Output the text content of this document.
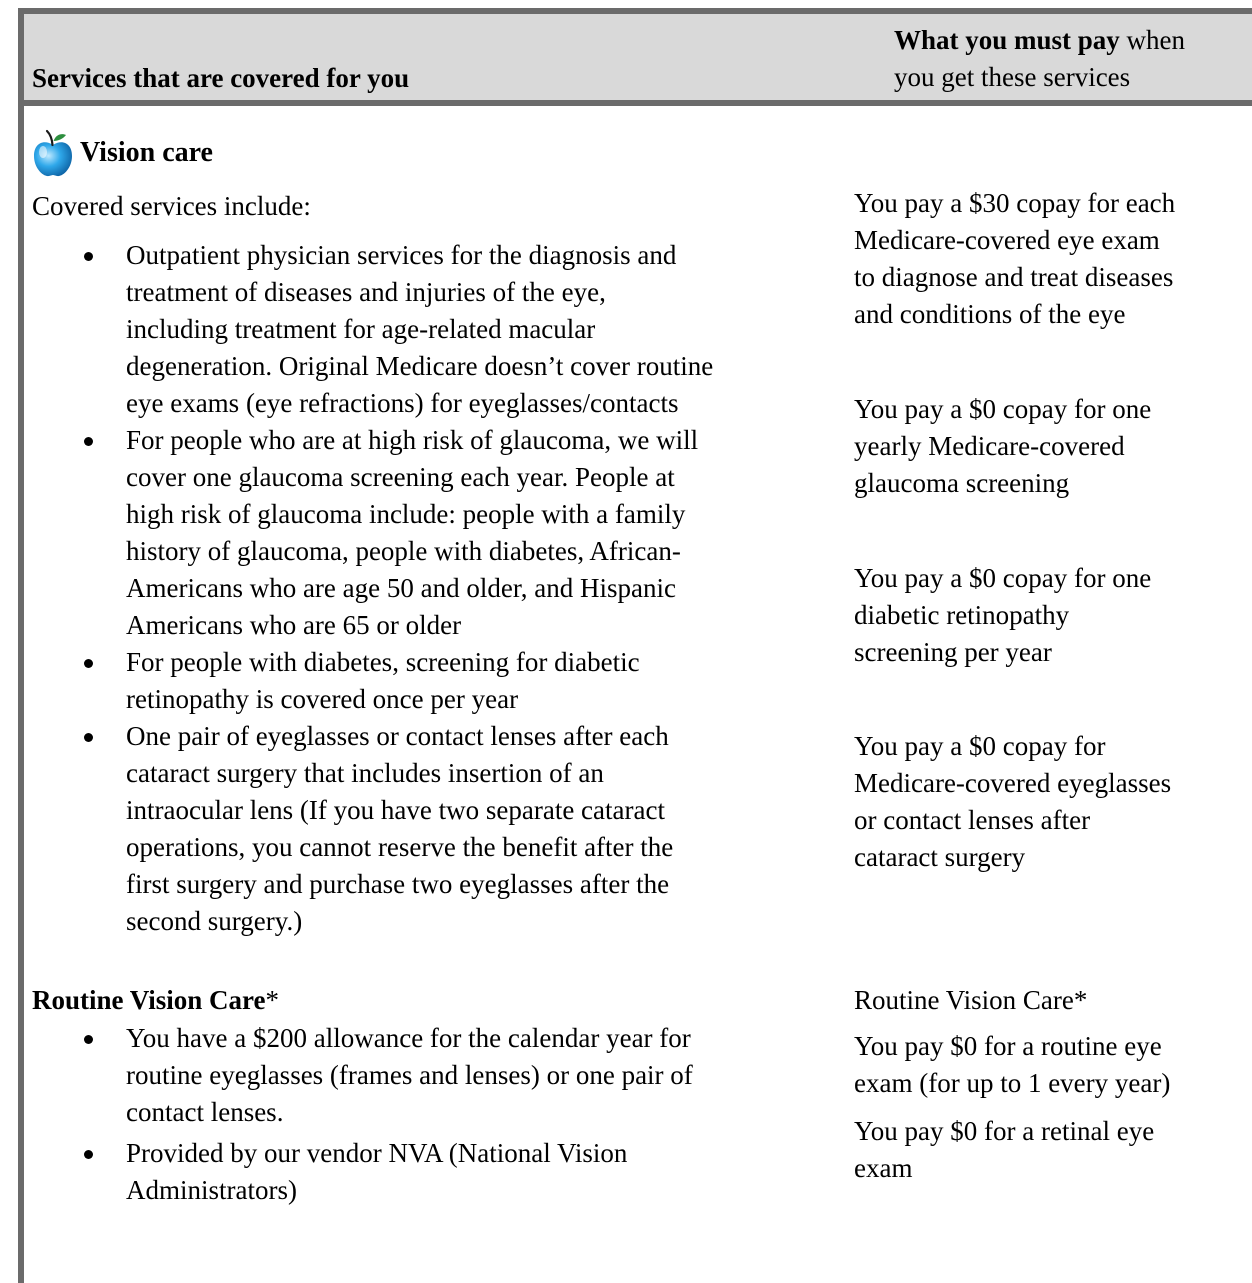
Services that are covered for you
What you must pay when
you get these services
Vision care

Covered services include:

Outpatient physician services for the diagnosis and
treatment of diseases and injuries of the eye,
including treatment for age-related macular
degeneration. Original Medicare doesn’t cover routine
eye exams (eye refractions) for eyeglasses/contacts
For people who are at high risk of glaucoma, we will
cover one glaucoma screening each year. People at
high risk of glaucoma include: people with a family
history of glaucoma, people with diabetes, African-
Americans who are age 50 and older, and Hispanic
Americans who are 65 or older
For people with diabetes, screening for diabetic
retinopathy is covered once per year
One pair of eyeglasses or contact lenses after each
cataract surgery that includes insertion of an
intraocular lens (If you have two separate cataract
operations, you cannot reserve the benefit after the
first surgery and purchase two eyeglasses after the
second surgery.)

You pay a $30 copay for each
Medicare-covered eye exam
to diagnose and treat diseases
and conditions of the eye

You pay a $0 copay for one
yearly Medicare-covered
glaucoma screening

You pay a $0 copay for one
diabetic retinopathy
screening per year

You pay a $0 copay for
Medicare-covered eyeglasses
or contact lenses after
cataract surgery

Routine Vision Care*

You have a $200 allowance for the calendar year for
routine eyeglasses (frames and lenses) or one pair of
contact lenses.
Provided by our vendor NVA (National Vision
Administrators)

Routine Vision Care*

You pay $0 for a routine eye
exam (for up to 1 every year)

You pay $0 for a retinal eye
exam
